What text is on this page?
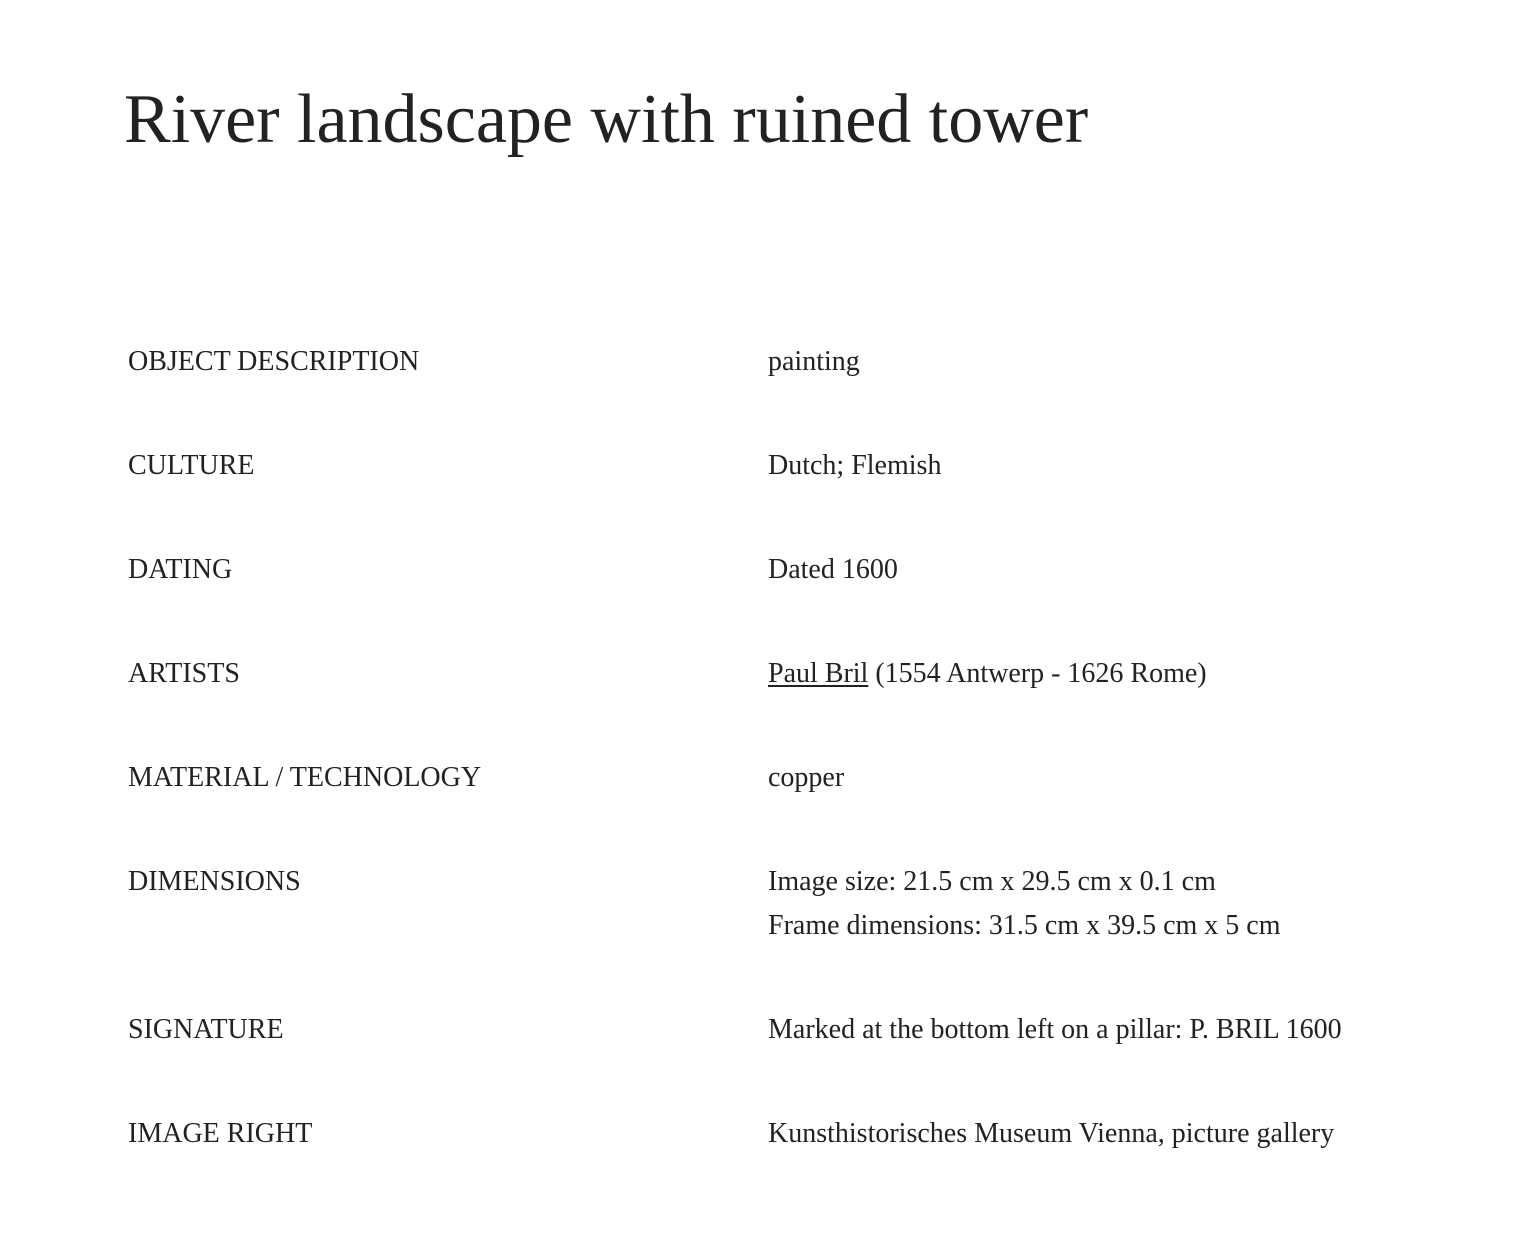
River landscape with ruined tower
OBJECT DESCRIPTION	painting
CULTURE	Dutch; Flemish
DATING	Dated 1600
ARTISTS	Paul Bril (1554 Antwerp - 1626 Rome)
MATERIAL / TECHNOLOGY	copper
DIMENSIONS	Image size: 21.5 cm x 29.5 cm x 0.1 cm
Frame dimensions: 31.5 cm x 39.5 cm x 5 cm
SIGNATURE	Marked at the bottom left on a pillar: P. BRIL 1600
IMAGE RIGHT	Kunsthistorisches Museum Vienna, picture gallery
